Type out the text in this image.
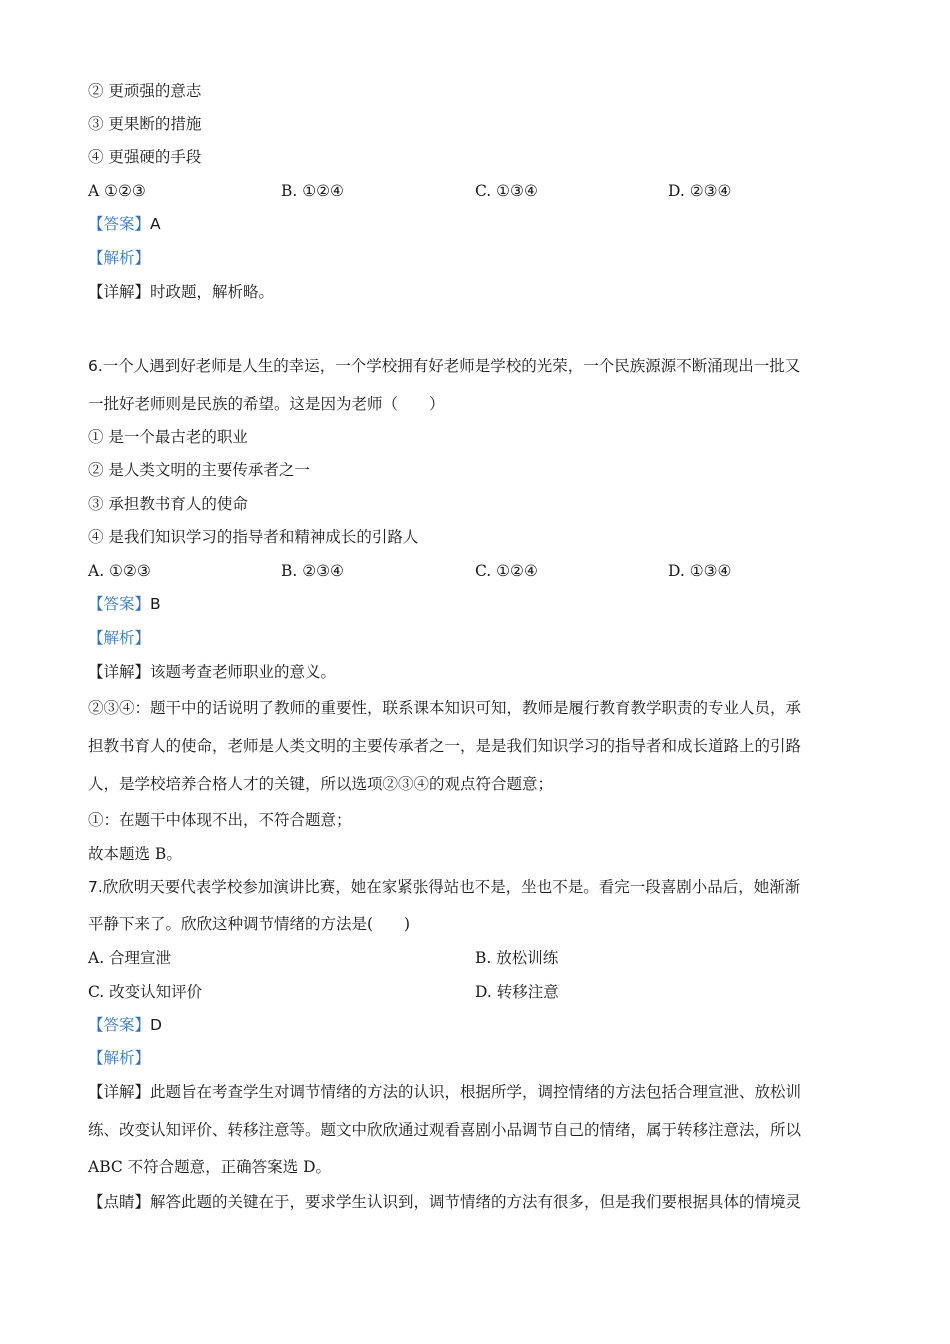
② 更顽强的意志
③ 更果断的措施
④ 更强硬的手段
A ①②③	B. ①②④	C. ①③④	D. ②③④
【答案】A
【解析】
【详解】时政题，解析略。
6.一个人遇到好老师是人生的幸运，一个学校拥有好老师是学校的光荣，一个民族源源不断涌现出一批又
一批好老师则是民族的希望。这是因为老师（　　）
① 是一个最古老的职业
② 是人类文明的主要传承者之一
③ 承担教书育人的使命
④ 是我们知识学习的指导者和精神成长的引路人
A. ①②③	B. ②③④	C. ①②④	D. ①③④
【答案】B
【解析】
【详解】该题考查老师职业的意义。
②③④：题干中的话说明了教师的重要性，联系课本知识可知，教师是履行教育教学职责的专业人员，承
担教书育人的使命，老师是人类文明的主要传承者之一，是是我们知识学习的指导者和成长道路上的引路
人，是学校培养合格人才的关键，所以选项②③④的观点符合题意；
①：在题干中体现不出，不符合题意；
故本题选 B。
7.欣欣明天要代表学校参加演讲比赛，她在家紧张得站也不是，坐也不是。看完一段喜剧小品后，她渐渐
平静下来了。欣欣这种调节情绪的方法是(　　)
A. 合理宣泄	B. 放松训练
C. 改变认知评价	D. 转移注意
【答案】D
【解析】
【详解】此题旨在考查学生对调节情绪的方法的认识，根据所学，调控情绪的方法包括合理宣泄、放松训
练、改变认知评价、转移注意等。题文中欣欣通过观看喜剧小品调节自己的情绪，属于转移注意法，所以
ABC 不符合题意，正确答案选 D。
【点睛】解答此题的关键在于，要求学生认识到，调节情绪的方法有很多，但是我们要根据具体的情境灵
